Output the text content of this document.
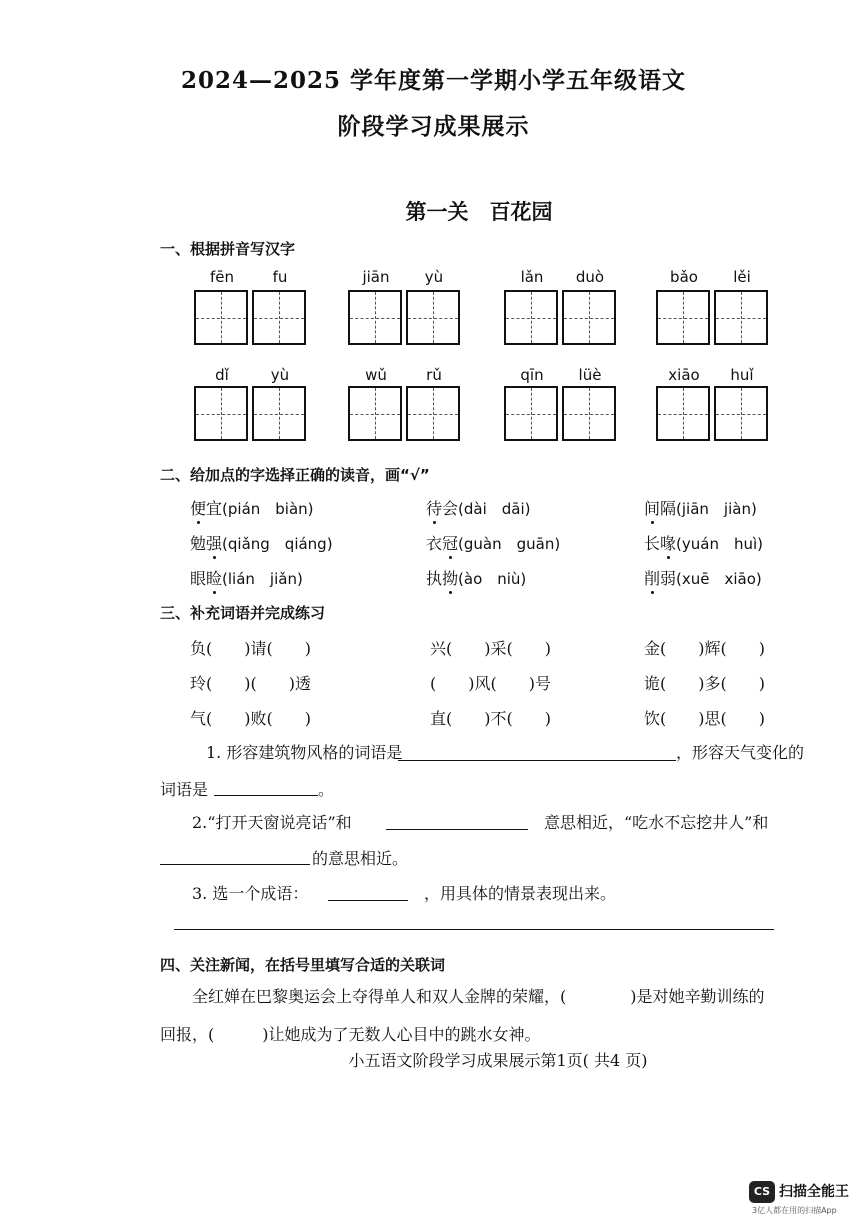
2024—2025 学年度第一学期小学五年级语文
阶段学习成果展示
第一关　百花园
一、根据拼音写汉字
fēn	fu	jiān	yù	lǎn	duò	bǎo	lěi
dǐ	yù	wǔ	rǔ	qīn	lüè	xiāo	huǐ
二、给加点的字选择正确的读音，画“√”
便宜(pián　biàn)	待会(dài　dāi)	间隔(jiān　jiàn)
勉强(qiǎng　qiáng)	衣冠(guàn　guān)	长喙(yuán　huì)
眼睑(lián　jiǎn)	执拗(ào　niù)	削弱(xuē　xiāo)
三、补充词语并完成练习
负(　　)请(　　)	兴(　　)采(　　)	金(　　)辉(　　)
玲(　　)(　　)透	(　　)风(　　)号	诡(　　)多(　　)
气(　　)败(　　)	直(　　)不(　　)	饮(　　)思(　　)
1. 形容建筑物风格的词语是	，形容天气变化的
词语是	。
2.“打开天窗说亮话”和	意思相近，“吃水不忘挖井人”和
的意思相近。
3. 选一个成语：	，用具体的情景表现出来。
四、关注新闻，在括号里填写合适的关联词
全红婵在巴黎奥运会上夺得单人和双人金牌的荣耀，(　　　　)是对她辛勤训练的
回报，(　　　)让她成为了无数人心目中的跳水女神。
小五语文阶段学习成果展示第1页( 共4 页)
CS 扫描全能王
3亿人都在用的扫描App
